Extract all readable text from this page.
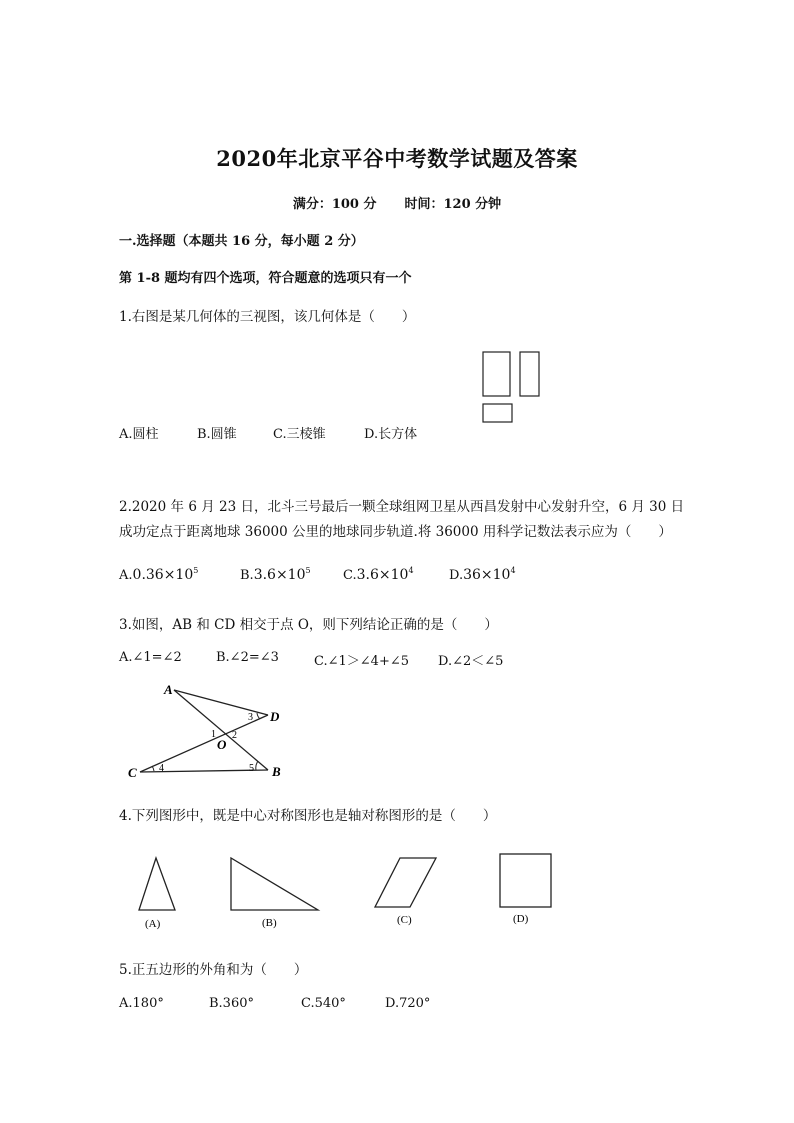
2020年北京平谷中考数学试题及答案
满分：100 分 时间：120 分钟
一.选择题（本题共 16 分，每小题 2 分）
第 1-8 题均有四个选项，符合题意的选项只有一个
1.右图是某几何体的三视图，该几何体是（　　）
A.圆柱	B.圆锥	C.三棱锥	D.长方体
2.2020 年 6 月 23 日，北斗三号最后一颗全球组网卫星从西昌发射中心发射升空，6 月 30 日
成功定点于距离地球 36000 公里的地球同步轨道.将 36000 用科学记数法表示应为（　　）
$A.0.36\times 10^5$	$B.3.6\times 10^5$ $C.3.6\times 10^4$	$D.36\times 10^4$
3.如图，AB 和 CD 相交于点 O，则下列结论正确的是（　　）
A.∠1=∠2	B.∠2=∠3	C.∠1＞∠4+∠5 D.∠2＜∠5
A
D
C	B
O
1 2
3
4	5
4.下列图形中，既是中心对称图形也是轴对称图形的是（　　）
(A)	(B)	(C)	(D)
5.正五边形的外角和为（　　）
A.180°	B.360°	C.540°	D.720°
